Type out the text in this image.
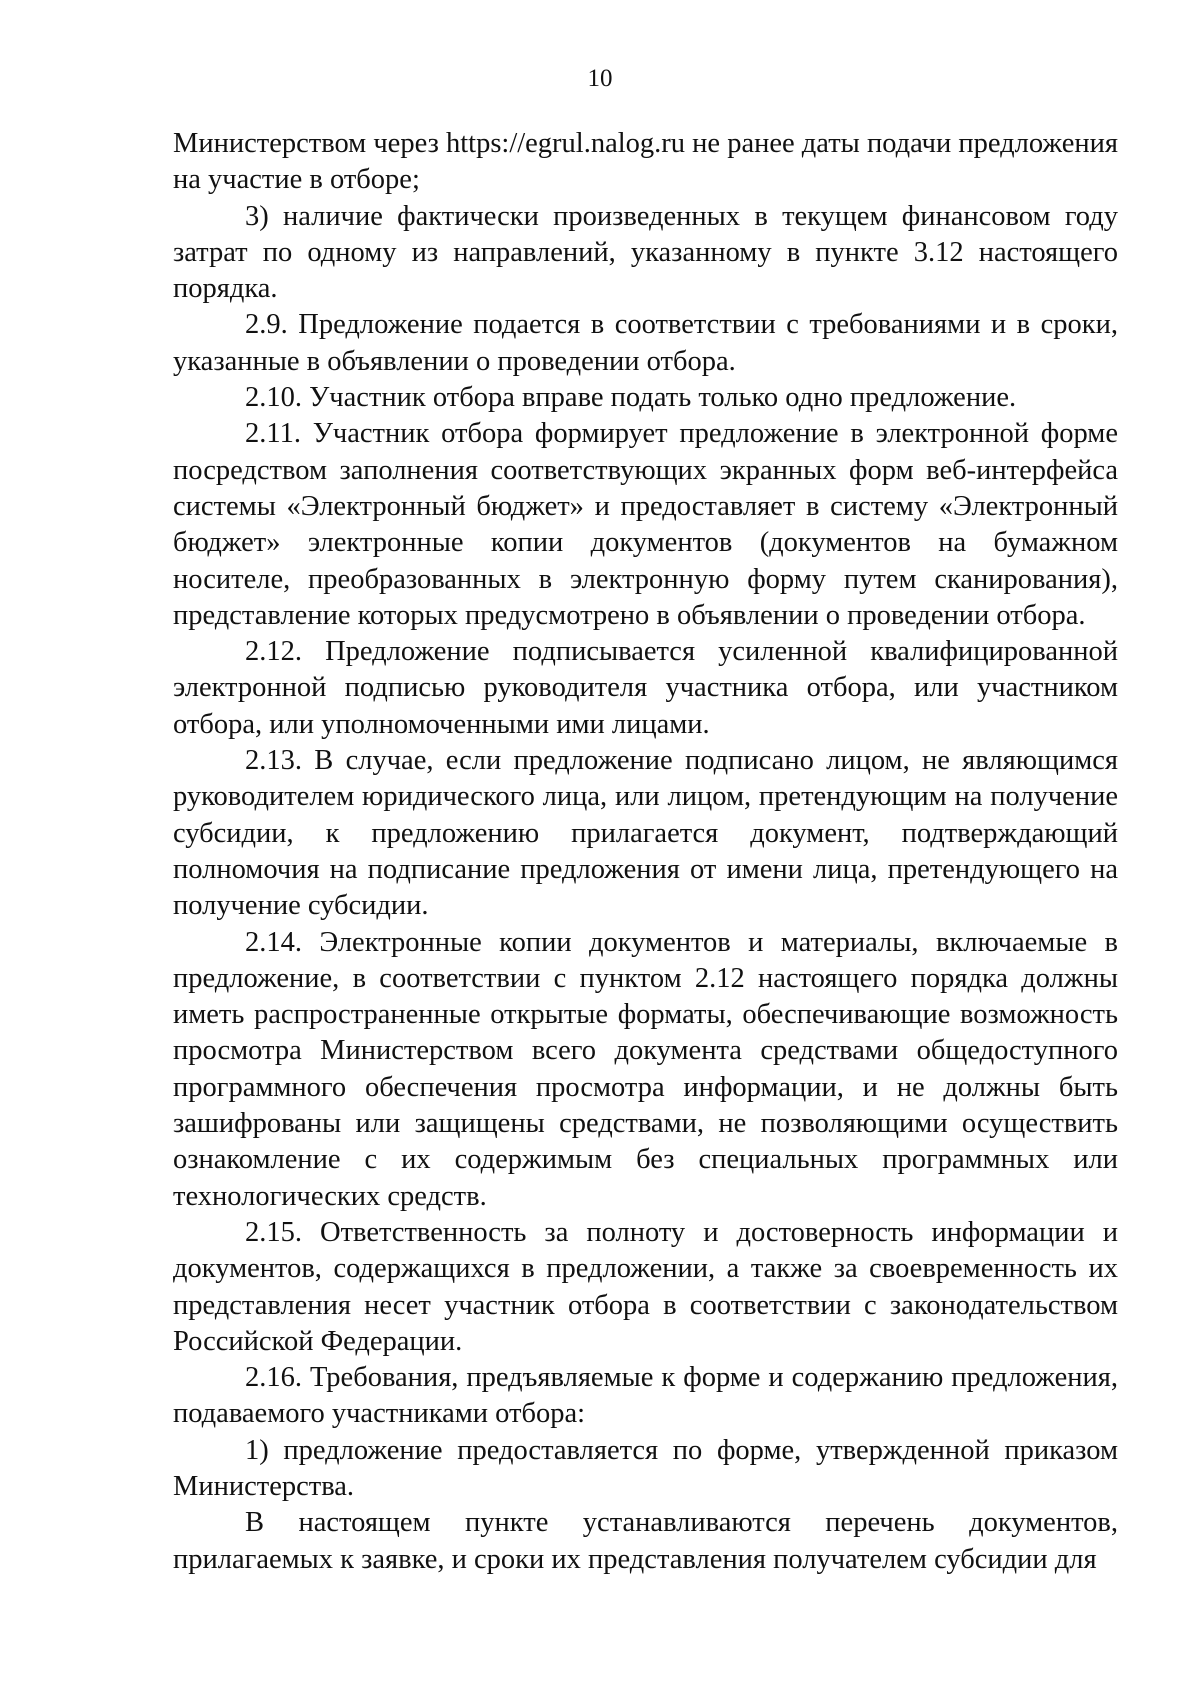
10

Министерством через https://egrul.nalog.ru не ранее даты подачи предложения на участие в отборе;

3) наличие фактически произведенных в текущем финансовом году затрат по одному из направлений, указанному в пункте 3.12 настоящего порядка.

2.9. Предложение подается в соответствии с требованиями и в сроки, указанные в объявлении о проведении отбора.

2.10. Участник отбора вправе подать только одно предложение.

2.11. Участник отбора формирует предложение в электронной форме посредством заполнения соответствующих экранных форм веб-интерфейса системы «Электронный бюджет» и предоставляет в систему «Электронный бюджет» электронные копии документов (документов на бумажном носителе, преобразованных в электронную форму путем сканирования), представление которых предусмотрено в объявлении о проведении отбора.

2.12. Предложение подписывается усиленной квалифицированной электронной подписью руководителя участника отбора, или участником отбора, или уполномоченными ими лицами.

2.13. В случае, если предложение подписано лицом, не являющимся руководителем юридического лица, или лицом, претендующим на получение субсидии, к предложению прилагается документ, подтверждающий полномочия на подписание предложения от имени лица, претендующего на получение субсидии.

2.14. Электронные копии документов и материалы, включаемые в предложение, в соответствии с пунктом 2.12 настоящего порядка должны иметь распространенные открытые форматы, обеспечивающие возможность просмотра Министерством всего документа средствами общедоступного программного обеспечения просмотра информации, и не должны быть зашифрованы или защищены средствами, не позволяющими осуществить ознакомление с их содержимым без специальных программных или технологических средств.

2.15. Ответственность за полноту и достоверность информации и документов, содержащихся в предложении, а также за своевременность их представления несет участник отбора в соответствии с законодательством Российской Федерации.

2.16. Требования, предъявляемые к форме и содержанию предложения, подаваемого участниками отбора:

1) предложение предоставляется по форме, утвержденной приказом Министерства.

В настоящем пункте устанавливаются перечень документов, прилагаемых к заявке, и сроки их представления получателем субсидии для
